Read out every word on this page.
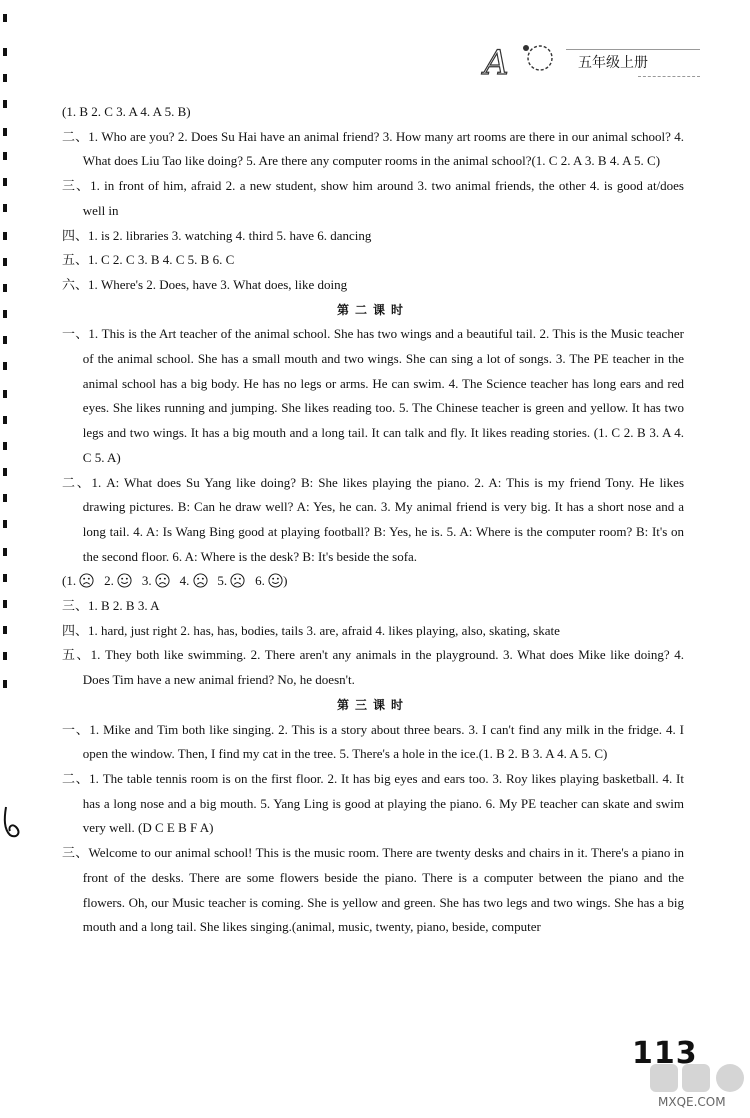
A	五年级上册

(1. B 2. C 3. A 4. A 5. B)

二、1. Who are you? 2. Does Su Hai have an animal friend? 3. How many art rooms are there in our animal school? 4. What does Liu Tao like doing? 5. Are there any computer rooms in the animal school?(1. C 2. A 3. B 4. A 5. C)

三、1. in front of him, afraid 2. a new student, show him around 3. two animal friends, the other 4. is good at/does well in

四、1. is 2. libraries 3. watching 4. third 5. have 6. dancing

五、1. C 2. C 3. B 4. C 5. B 6. C

六、1. Where's 2. Does, have 3. What does, like doing

第二课时

一、1. This is the Art teacher of the animal school. She has two wings and a beautiful tail. 2. This is the Music teacher of the animal school. She has a small mouth and two wings. She can sing a lot of songs. 3. The PE teacher in the animal school has a big body. He has no legs or arms. He can swim. 4. The Science teacher has long ears and red eyes. She likes running and jumping. She likes reading too. 5. The Chinese teacher is green and yellow. It has two legs and two wings. It has a big mouth and a long tail. It can talk and fly. It likes reading stories. (1. C 2. B 3. A 4. C 5. A)

二、1. A: What does Su Yang like doing? B: She likes playing the piano. 2. A: This is my friend Tony. He likes drawing pictures. B: Can he draw well? A: Yes, he can. 3. My animal friend is very big. It has a short nose and a long tail. 4. A: Is Wang Bing good at playing football? B: Yes, he is. 5. A: Where is the computer room? B: It's on the second floor. 6. A: Where is the desk? B: It's beside the sofa.

(1. 2. 3. 4. 5. 6. )

三、1. B 2. B 3. A

四、1. hard, just right 2. has, has, bodies, tails 3. are, afraid 4. likes playing, also, skating, skate

五、1. They both like swimming. 2. There aren't any animals in the playground. 3. What does Mike like doing? 4. Does Tim have a new animal friend? No, he doesn't.

第三课时

一、1. Mike and Tim both like singing. 2. This is a story about three bears. 3. I can't find any milk in the fridge. 4. I open the window. Then, I find my cat in the tree. 5. There's a hole in the ice.(1. B 2. B 3. A 4. A 5. C)

二、1. The table tennis room is on the first floor. 2. It has big eyes and ears too. 3. Roy likes playing basketball. 4. It has a long nose and a big mouth. 5. Yang Ling is good at playing the piano. 6. My PE teacher can skate and swim very well. (D C E B F A)

三、Welcome to our animal school! This is the music room. There are twenty desks and chairs in it. There's a piano in front of the desks. There are some flowers beside the piano. There is a computer between the piano and the flowers. Oh, our Music teacher is coming. She is yellow and green. She has two legs and two wings. She has a big mouth and a long tail. She likes singing.(animal, music, twenty, piano, beside, computer

113
MXQE.COM
